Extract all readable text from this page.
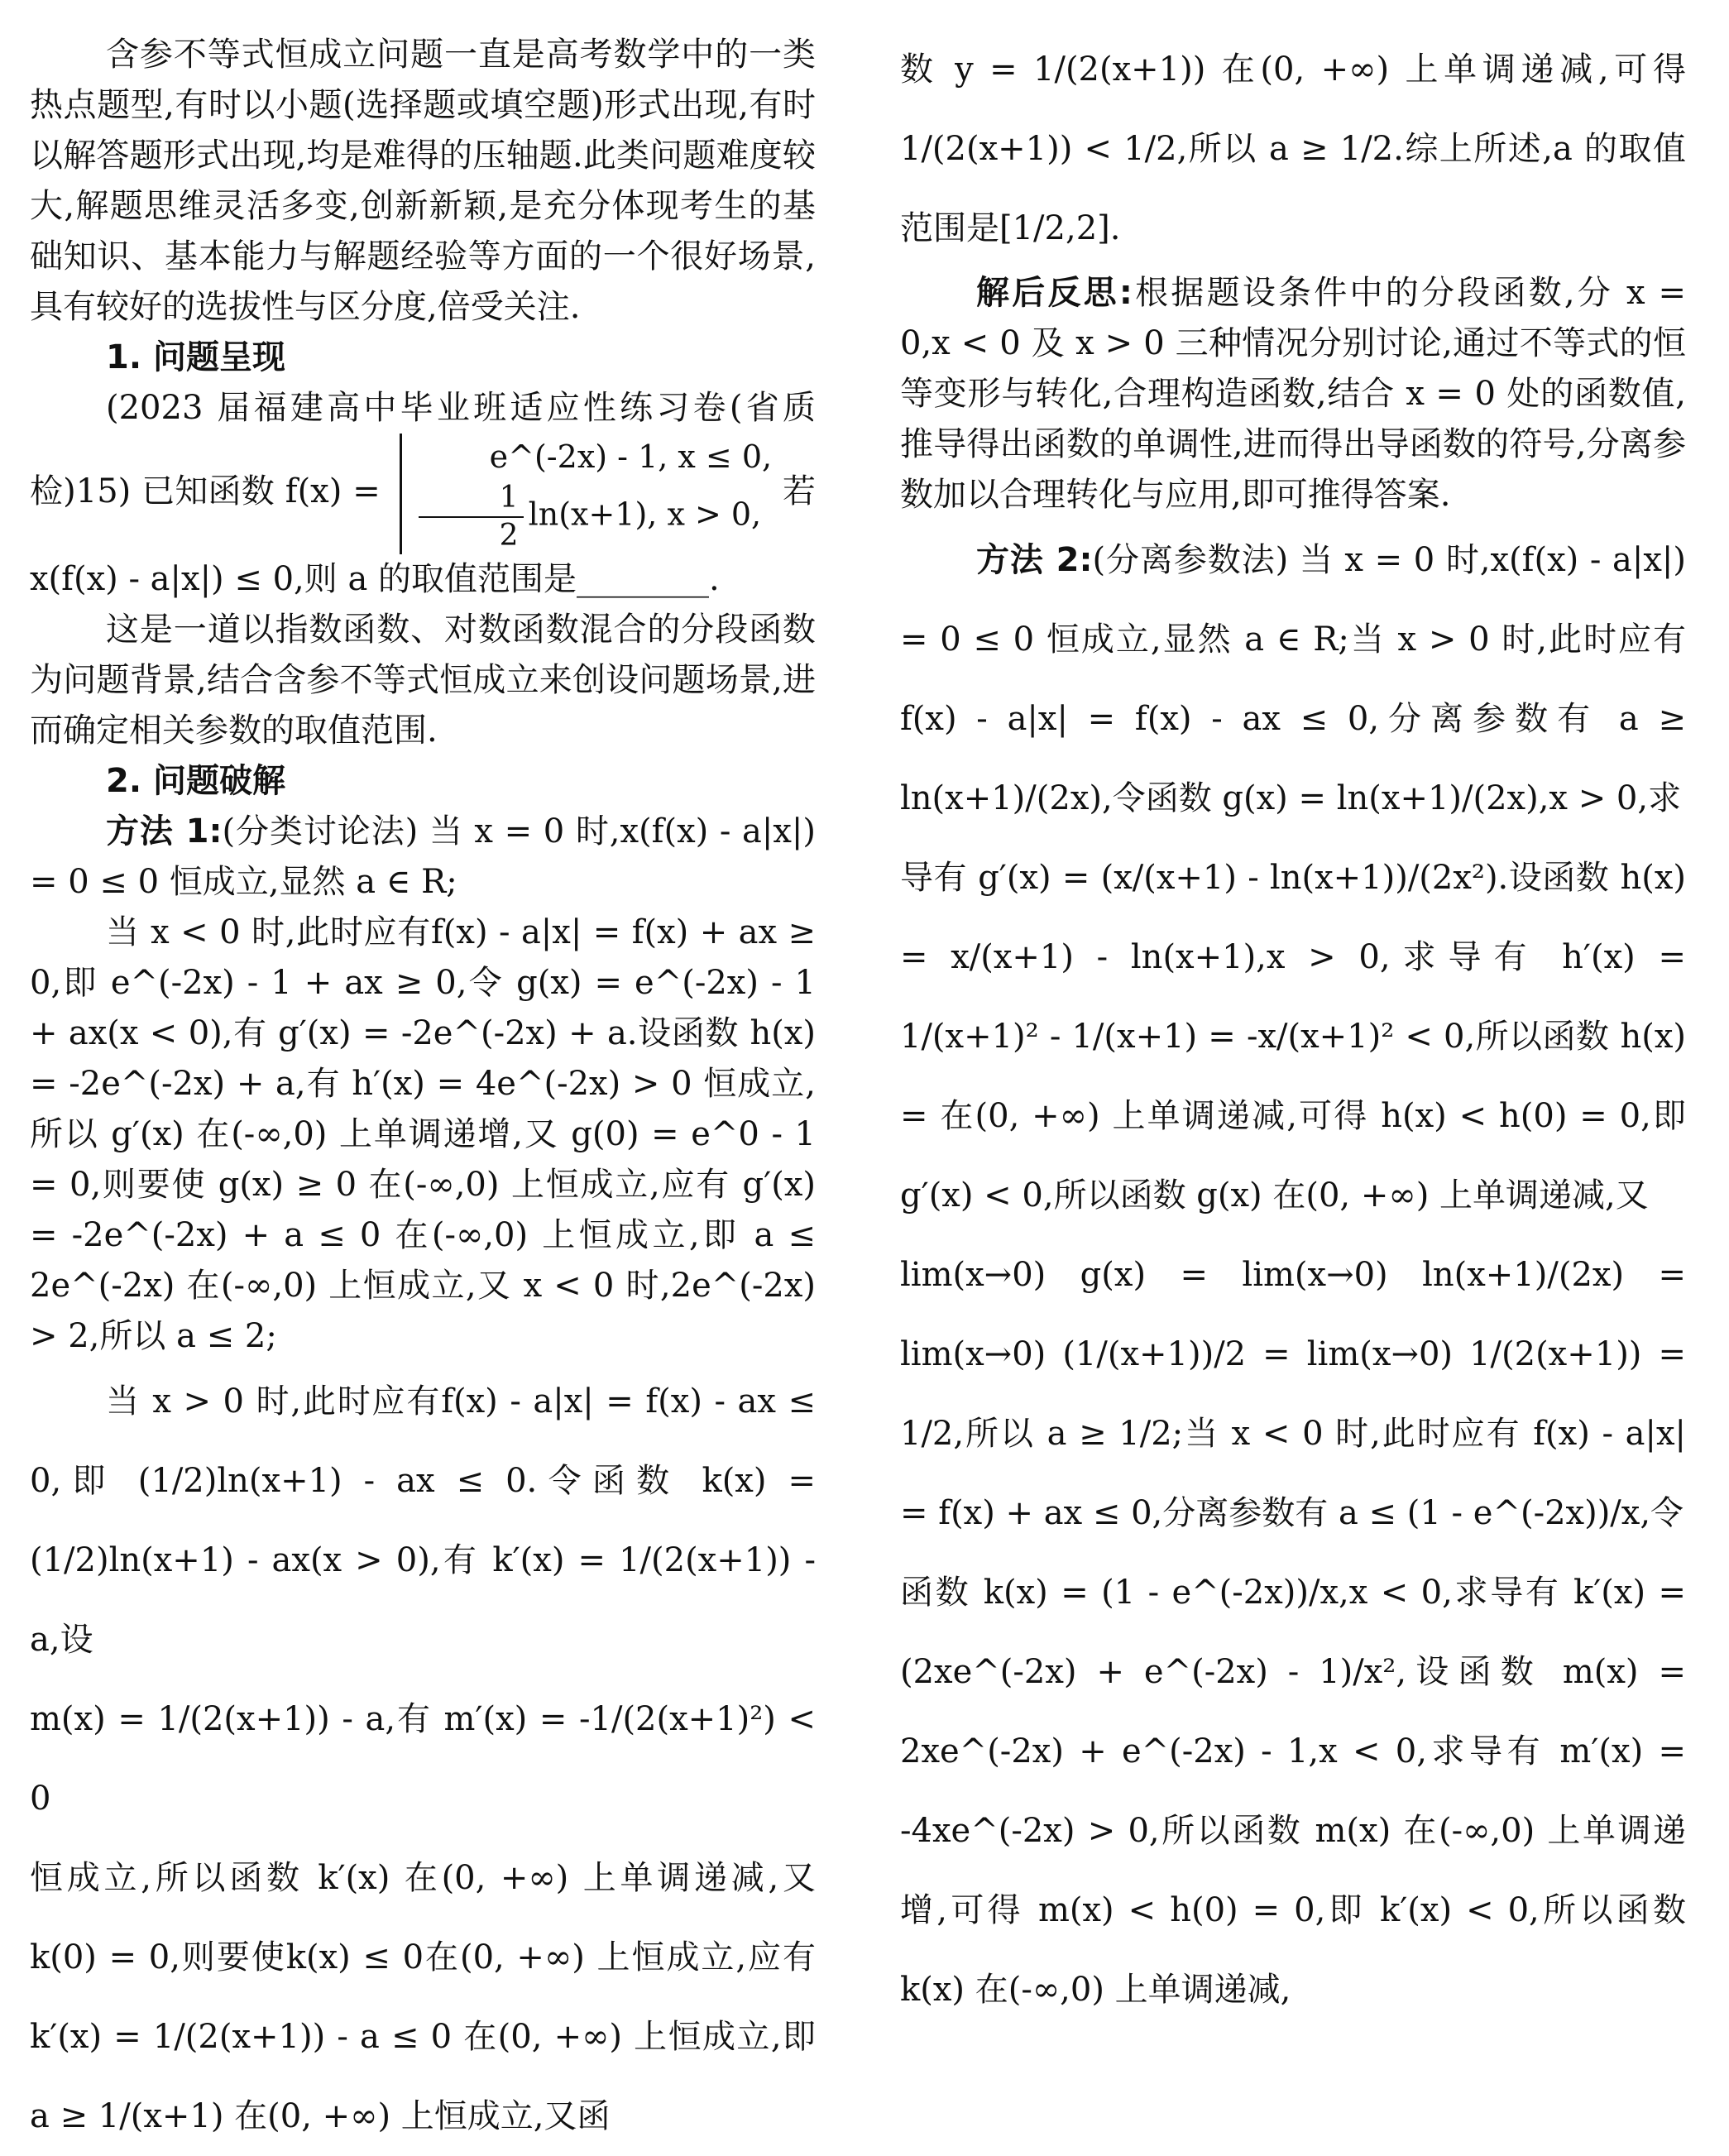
含参不等式恒成立问题一直是高考数学中的一类热点题型,有时以小题(选择题或填空题)形式出现,有时以解答题形式出现,均是难得的压轴题.此类问题难度较大,解题思维灵活多变,创新新颖,是充分体现考生的基础知识、基本能力与解题经验等方面的一个很好场景,具有较好的选拔性与区分度,倍受关注.

1. 问题呈现

(2023 届福建高中毕业班适应性练习卷(省质检)15) 已知函数 f(x) = e^(-2x) - 1, x ≤ 0,

$\frac{1}{2} \ln(x+1)$, x > 0, 若 x(f(x) - a|x|) ≤ 0,则 a 的取值范围是________.

这是一道以指数函数、对数函数混合的分段函数为问题背景,结合含参不等式恒成立来创设问题场景,进而确定相关参数的取值范围.

2. 问题破解

方法 1:(分类讨论法) 当 x = 0 时,x(f(x) - a|x|) = 0 ≤ 0 恒成立,显然 a ∈ R;

当 x < 0 时,此时应有f(x) - a|x| = f(x) + ax ≥ 0,即 e^(-2x) - 1 + ax ≥ 0,令 g(x) = e^(-2x) - 1 + ax(x < 0),有 g′(x) = -2e^(-2x) + a.设函数 h(x) = -2e^(-2x) + a,有 h′(x) = 4e^(-2x) > 0 恒成立,所以 g′(x) 在(-∞,0) 上单调递增,又 g(0) = e^0 - 1 = 0,则要使 g(x) ≥ 0 在(-∞,0) 上恒成立,应有 g′(x) = -2e^(-2x) + a ≤ 0 在(-∞,0) 上恒成立,即 a ≤ 2e^(-2x) 在(-∞,0) 上恒成立,又 x < 0 时,2e^(-2x) > 2,所以 a ≤ 2;

当 x > 0 时,此时应有f(x) - a|x| = f(x) - ax ≤ 0,即 (1/2)ln(x+1) - ax ≤ 0.令函数 k(x) = (1/2)ln(x+1) - ax(x > 0),有 k′(x) = 1/(2(x+1)) - a,设

m(x) = 1/(2(x+1)) - a,有 m′(x) = -1/(2(x+1)²) < 0

恒成立,所以函数 k′(x) 在(0, +∞) 上单调递减,又 k(0) = 0,则要使k(x) ≤ 0在(0, +∞) 上恒成立,应有 k′(x) = 1/(2(x+1)) - a ≤ 0 在(0, +∞) 上恒成立,即a ≥ 1/(x+1) 在(0, +∞) 上恒成立,又函

数 y = 1/(2(x+1)) 在(0, +∞) 上单调递减,可得 1/(2(x+1)) < 1/2,所以 a ≥ 1/2.综上所述,a 的取值范围是[1/2,2].

解后反思:根据题设条件中的分段函数,分 x = 0,x < 0 及 x > 0 三种情况分别讨论,通过不等式的恒等变形与转化,合理构造函数,结合 x = 0 处的函数值,推导得出函数的单调性,进而得出导函数的符号,分离参数加以合理转化与应用,即可推得答案.

方法 2:(分离参数法) 当 x = 0 时,x(f(x) - a|x|) = 0 ≤ 0 恒成立,显然 a ∈ R;当 x > 0 时,此时应有 f(x) - a|x| = f(x) - ax ≤ 0,分离参数有 a ≥ ln(x+1)/(2x),令函数 g(x) = ln(x+1)/(2x),x > 0,求

导有 g′(x) = (x/(x+1) - ln(x+1))/(2x²).设函数 h(x) = x/(x+1) - ln(x+1),x > 0,求导有 h′(x) = 1/(x+1)² - 1/(x+1) = -x/(x+1)² < 0,所以函数 h(x) = 在(0, +∞) 上单调递减,可得 h(x) < h(0) = 0,即 g′(x) < 0,所以函数 g(x) 在(0, +∞) 上单调递减,又

lim(x→0) g(x) = lim(x→0) ln(x+1)/(2x) = lim(x→0) (1/(x+1))/2 = lim(x→0) 1/(2(x+1)) = 1/2,所以 a ≥ 1/2;当 x < 0 时,此时应有 f(x) - a|x| = f(x) + ax ≤ 0,分离参数有 a ≤ (1 - e^(-2x))/x,令

函数 k(x) = (1 - e^(-2x))/x,x < 0,求导有 k′(x) = (2xe^(-2x) + e^(-2x) - 1)/x²,设函数 m(x) = 2xe^(-2x) + e^(-2x) - 1,x < 0,求导有 m′(x) = -4xe^(-2x) > 0,所以函数 m(x) 在(-∞,0) 上单调递增,可得 m(x) < h(0) = 0,即 k′(x) < 0,所以函数 k(x) 在(-∞,0) 上单调递减,
